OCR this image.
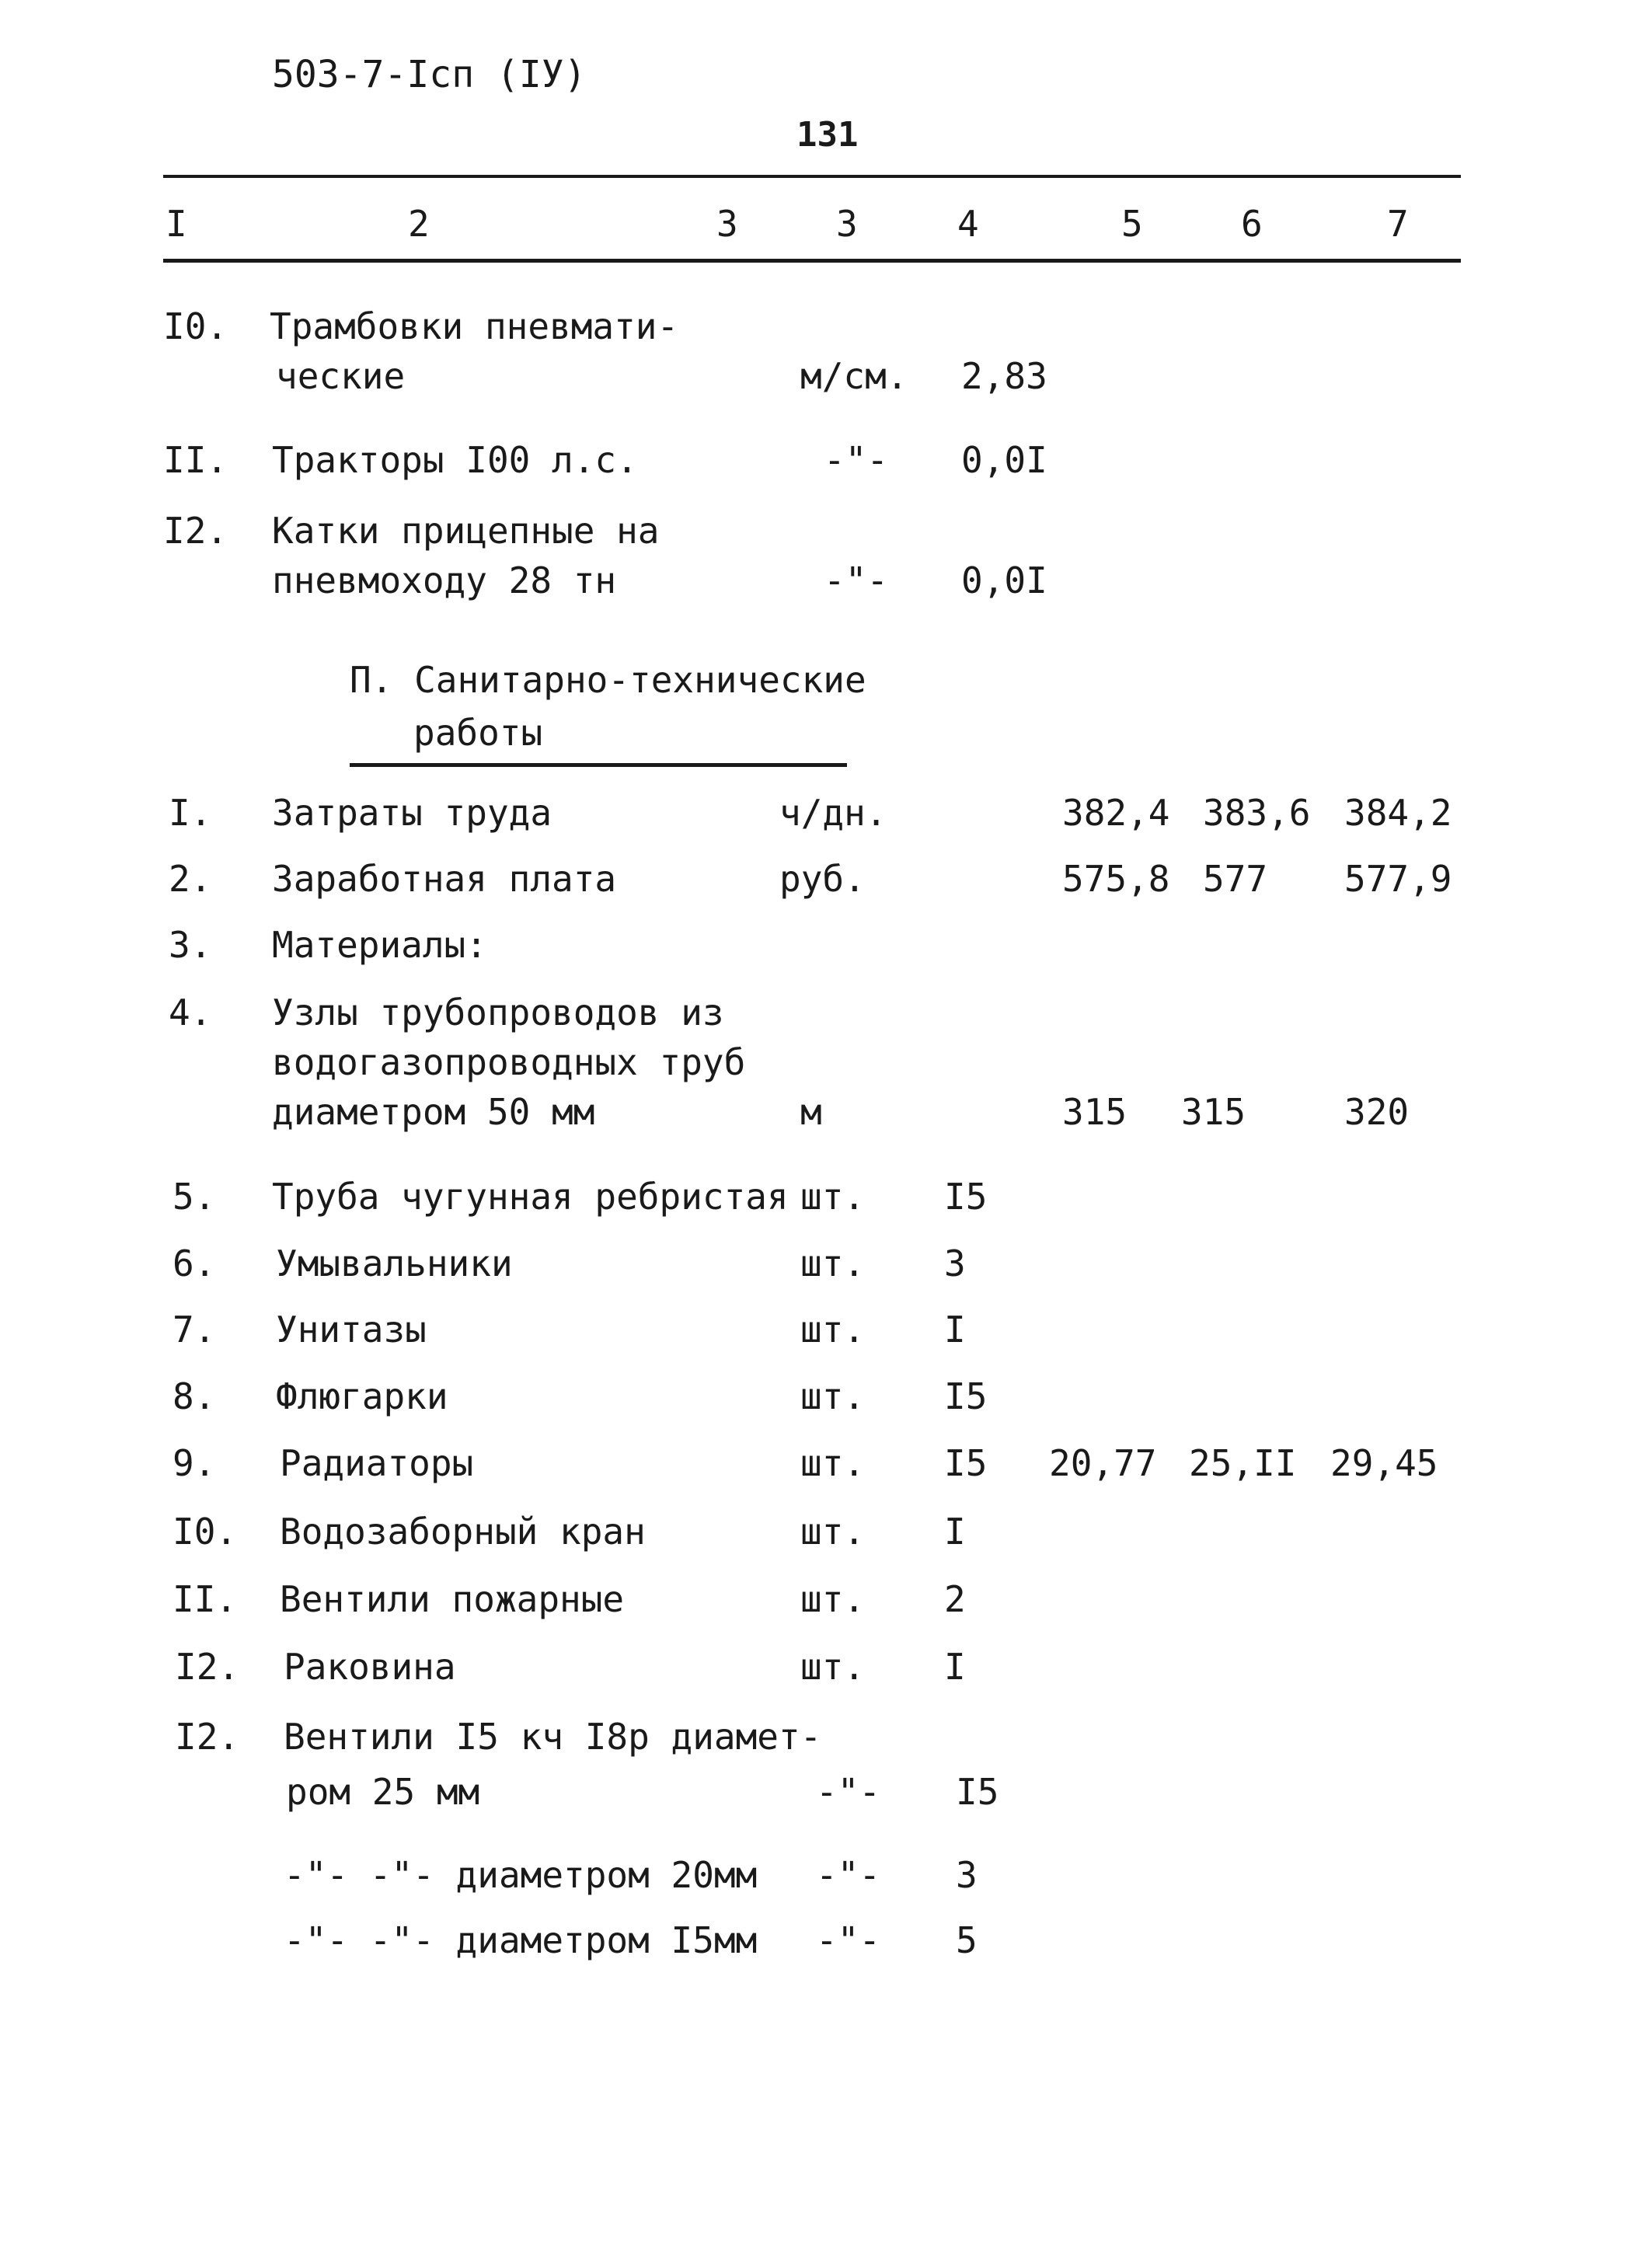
503-7-Iсп (IУ)
131
I	2	3	3	4	5	6	7
I0. Трамбовки пневмати-
ческие	м/см. 2,83
II. Тракторы I00 л.с.	-"- 0,0I
I2. Катки прицепные на
пневмоходу 28 тн	-"- 0,0I
П. Санитарно-технические
работы
I. Затраты труда	ч/дн.	382,4 383,6 384,2
2. Заработная плата	руб.	575,8 577 577,9
3. Материалы:
4. Узлы трубопроводов из
водогазопроводных труб
диаметром 50 мм	м	315 315	320
5. Труба чугунная ребристая шт. I5
6. Умывальники	шт. 3
7. Унитазы	шт. I
8. Флюгарки	шт. I5
9. Радиаторы	шт. I5 20,77 25,II 29,45
I0. Водозаборный кран	шт. I
II. Вентили пожарные	шт. 2
I2. Раковина	шт. I
I2. Вентили I5 кч I8р диамет-
ром 25 мм	-"- I5
-"- -"- диаметром 20мм -"- 3
-"- -"- диаметром I5мм -"- 5
